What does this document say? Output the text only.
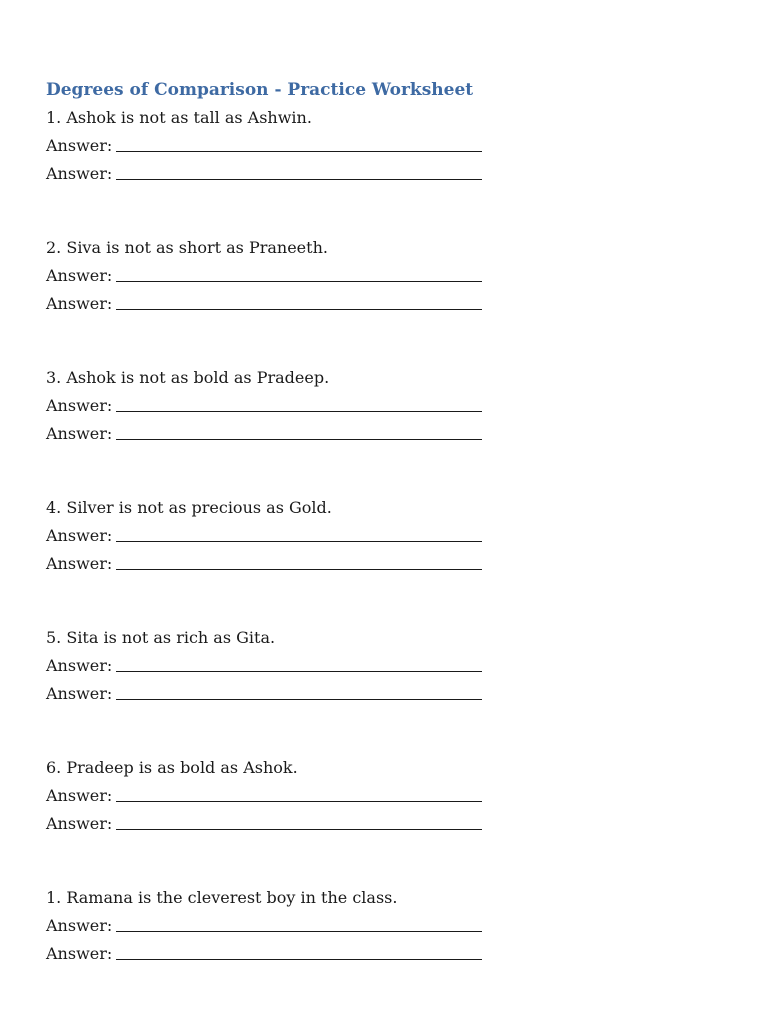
Degrees of Comparison - Practice Worksheet
1. Ashok is not as tall as Ashwin.
Answer:
Answer:
2. Siva is not as short as Praneeth.
Answer:
Answer:
3. Ashok is not as bold as Pradeep.
Answer:
Answer:
4. Silver is not as precious as Gold.
Answer:
Answer:
5. Sita is not as rich as Gita.
Answer:
Answer:
6. Pradeep is as bold as Ashok.
Answer:
Answer:
1. Ramana is the cleverest boy in the class.
Answer:
Answer:
